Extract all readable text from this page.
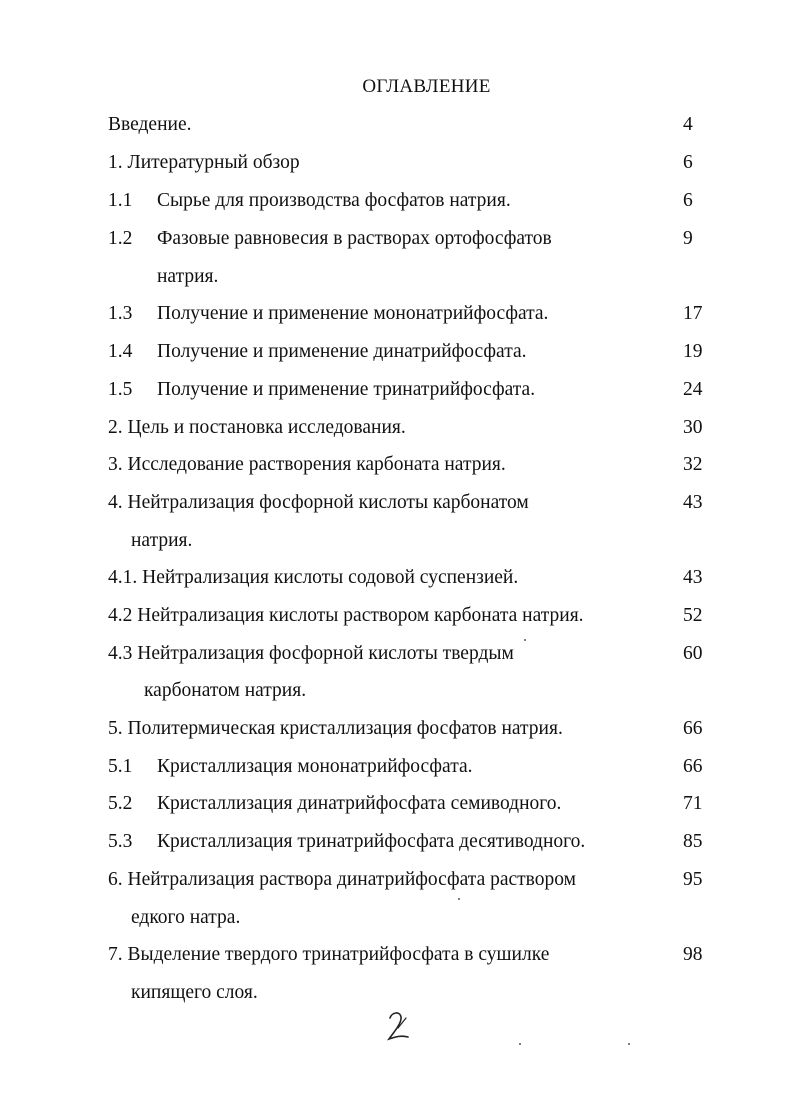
ОГЛАВЛЕНИЕ
Введение.	4
1. Литературный обзор	6
1.1 Сырье для производства фосфатов натрия.	6
1.2 Фазовые равновесия в растворах ортофосфатов	9
натрия.
1.3 Получение и применение мононатрийфосфата.	17
1.4 Получение и применение динатрийфосфата.	19
1.5 Получение и применение тринатрийфосфата.	24
2. Цель и постановка исследования.	30
3. Исследование растворения карбоната натрия.	32
4. Нейтрализация фосфорной кислоты карбонатом	43
натрия.
4.1. Нейтрализация кислоты содовой суспензией.	43
4.2 Нейтрализация кислоты раствором карбоната натрия.	52
4.3 Нейтрализация фосфорной кислоты твердым	60
карбонатом натрия.
5. Политермическая кристаллизация фосфатов натрия.	66
5.1 Кристаллизация мононатрийфосфата.	66
5.2 Кристаллизация динатрийфосфата семиводного.	71
5.3 Кристаллизация тринатрийфосфата десятиводного.	85
6. Нейтрализация раствора динатрийфосфата раствором	95
едкого натра.
7. Выделение твердого тринатрийфосфата в сушилке	98
кипящего слоя.
